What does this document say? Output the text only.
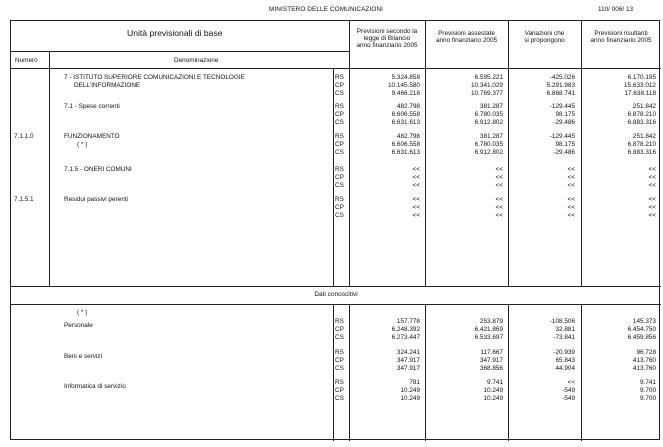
MINISTERO DELLE COMUNICAZIONI	110/ 006/ 13
Unità previsionali di base
Numero	Denominazione
Previsioni secondo la
legge di Bilancio
anno finanziario 2005
Previsioni assestate
anno finanziario 2005
Variazioni che
si propongono
Previsioni risultanti
anno finanziario 2005
7 - ISTITUTO SUPERIORE COMUNICAZIONI E TECNOLOGIE
DELL'INFORMAZIONE
RS	5.324.858	6.595.221	-425.026	6.170.195
CP	10.145.580	10.341.029	5.291.983	15.633.012
CS	9.466.216	10.769.377	6.868.741	17.638.118
7.1 - Spese correnti	RS	482.798	381.287	-129.445	251.842
CP	6.606.558	6.780.035	98.175	6.878.210
CS	6.631.613	6.912.802	-29.486	6.883.316
7.1.1.0	FUNZIONAMENTO
( * )
RS	482.798	381.287	-129.445	251.842
CP	6.606.558	6.780.035	98.175	6.878.210
CS	6.631.613	6.912.802	-29.486	6.883.316
7.1.5 - ONERI COMUNI	RS	<<	<<	<<	<<
CP	<<	<<	<<	<<
CS	<<	<<	<<	<<
7.1.5.1	Residui passivi perenti	RS	<<	<<	<<	<<
CP	<<	<<	<<	<<
CS	<<	<<	<<	<<
Dati conoscitivi
( * )
Personale
RS	157.778	253.879	-108.506	145.373
CP	6.248.392	6.421.869	32.881	6.454.750
CS	6.273.447	6.533.697	-73.841	6.459.856
Beni e servizi
RS	324.241	117.667	-20.939	96.728
CP	347.917	347.917	65.843	413.760
CS	347.917	368.856	44.904	413.760
Informatica di servizio
RS	781	9.741	<<	9.741
CP	10.249	10.249	-549	9.700
CS	10.249	10.249	-549	9.700
